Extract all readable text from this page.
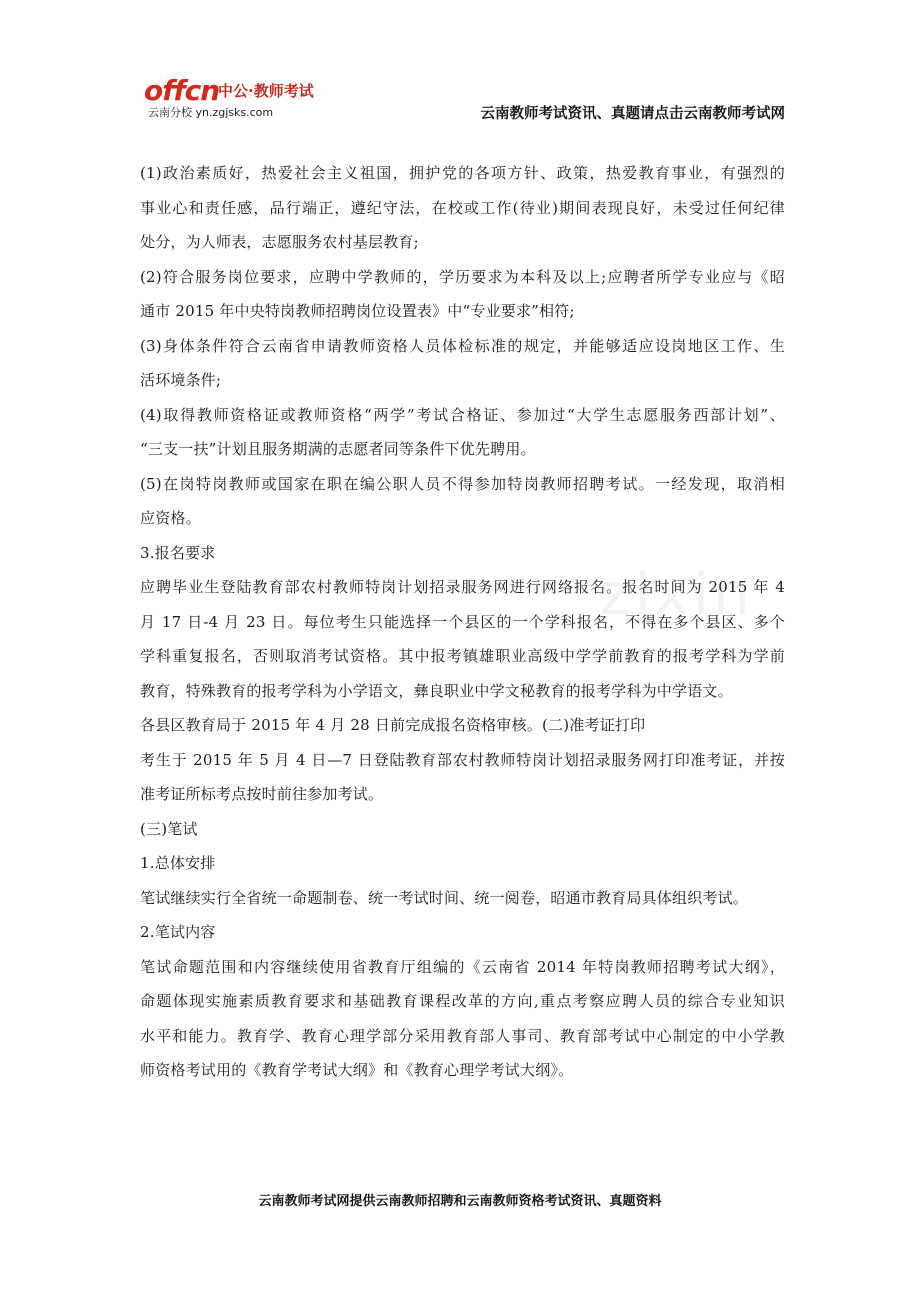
offcn
中公·教师考试
云南分校 yn.zgjsks.com	云南教师考试资讯、真题请点击云南教师考试网
(1)政治素质好，热爱社会主义祖国，拥护党的各项方针、政策，热爱教育事业，有强烈的
事业心和责任感，品行端正，遵纪守法，在校或工作(待业)期间表现良好，未受过任何纪律
处分，为人师表，志愿服务农村基层教育;
(2)符合服务岗位要求，应聘中学教师的，学历要求为本科及以上;应聘者所学专业应与《昭
通市 2015 年中央特岗教师招聘岗位设置表》中“专业要求”相符;
(3)身体条件符合云南省申请教师资格人员体检标准的规定，并能够适应设岗地区工作、生
活环境条件;
(4)取得教师资格证或教师资格“两学”考试合格证、参加过“大学生志愿服务西部计划”、
“三支一扶”计划且服务期满的志愿者同等条件下优先聘用。
(5)在岗特岗教师或国家在职在编公职人员不得参加特岗教师招聘考试。一经发现，取消相
应资格。
3.报名要求
应聘毕业生登陆教育部农村教师特岗计划招录服务网进行网络报名。报名时间为 2015 年 4
月 17 日-4 月 23 日。每位考生只能选择一个县区的一个学科报名，不得在多个县区、多个
学科重复报名，否则取消考试资格。其中报考镇雄职业高级中学学前教育的报考学科为学前
教育，特殊教育的报考学科为小学语文，彝良职业中学文秘教育的报考学科为中学语文。
各县区教育局于 2015 年 4 月 28 日前完成报名资格审核。(二)准考证打印
考生于 2015 年 5 月 4 日—7 日登陆教育部农村教师特岗计划招录服务网打印准考证，并按
准考证所标考点按时前往参加考试。
(三)笔试
1.总体安排
笔试继续实行全省统一命题制卷、统一考试时间、统一阅卷，昭通市教育局具体组织考试。
2.笔试内容
笔试命题范围和内容继续使用省教育厅组编的《云南省 2014 年特岗教师招聘考试大纲》，
命题体现实施素质教育要求和基础教育课程改革的方向,重点考察应聘人员的综合专业知识
水平和能力。教育学、教育心理学部分采用教育部人事司、教育部考试中心制定的中小学教
师资格考试用的《教育学考试大纲》和《教育心理学考试大纲》。
云南教师考试网提供云南教师招聘和云南教师资格考试资讯、真题资料
